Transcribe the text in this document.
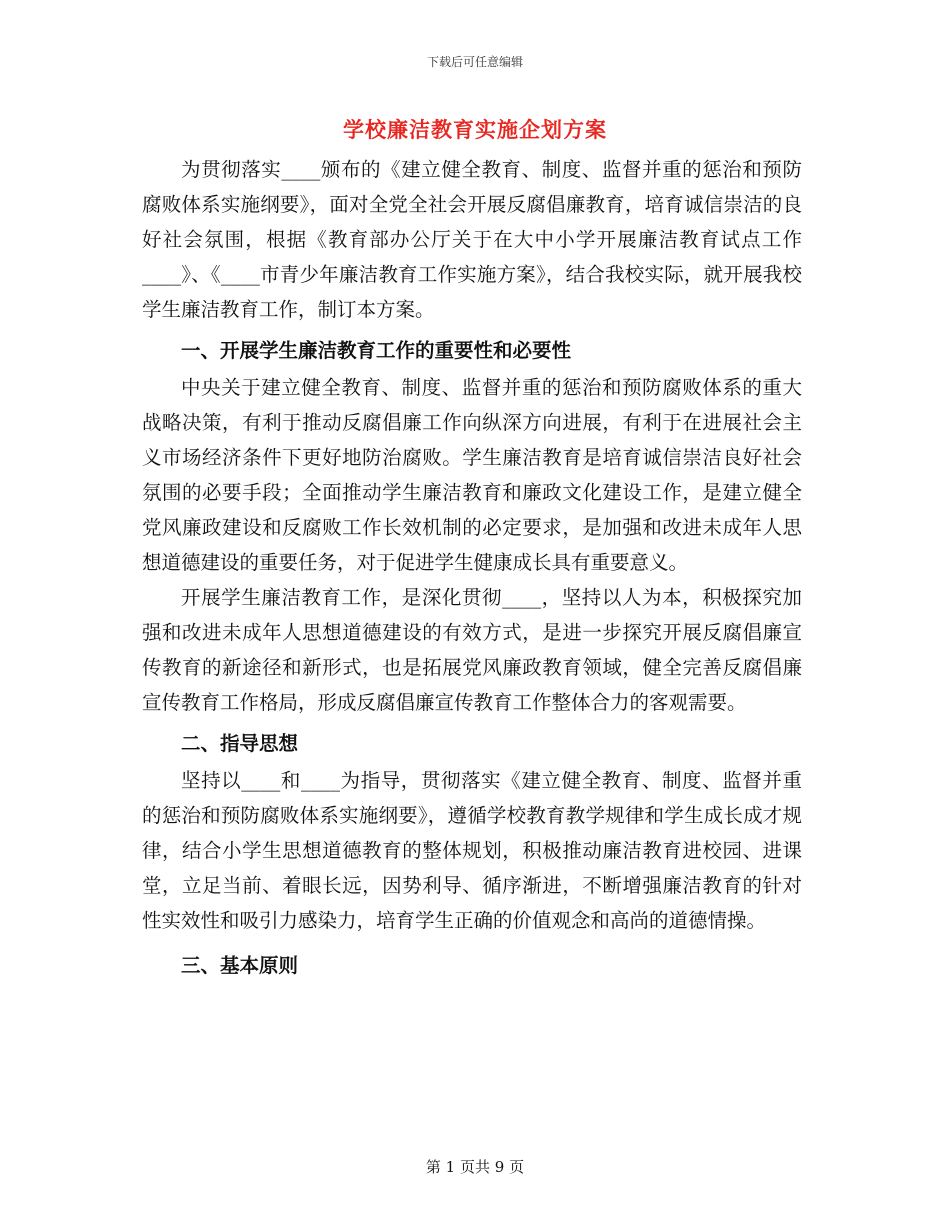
下载后可任意编辑
学校廉洁教育实施企划方案

为贯彻落实____颁布的《建立健全教育、制度、监督并重的惩治和预防腐败体系实施纲要》，面对全党全社会开展反腐倡廉教育，培育诚信崇洁的良好社会氛围，根据《教育部办公厅关于在大中小学开展廉洁教育试点工作____》、《____市青少年廉洁教育工作实施方案》，结合我校实际，就开展我校学生廉洁教育工作，制订本方案。

一、开展学生廉洁教育工作的重要性和必要性

中央关于建立健全教育、制度、监督并重的惩治和预防腐败体系的重大战略决策，有利于推动反腐倡廉工作向纵深方向进展，有利于在进展社会主义市场经济条件下更好地防治腐败。学生廉洁教育是培育诚信崇洁良好社会氛围的必要手段；全面推动学生廉洁教育和廉政文化建设工作，是建立健全党风廉政建设和反腐败工作长效机制的必定要求，是加强和改进未成年人思想道德建设的重要任务，对于促进学生健康成长具有重要意义。

开展学生廉洁教育工作，是深化贯彻____，坚持以人为本，积极探究加强和改进未成年人思想道德建设的有效方式，是进一步探究开展反腐倡廉宣传教育的新途径和新形式，也是拓展党风廉政教育领域，健全完善反腐倡廉宣传教育工作格局，形成反腐倡廉宣传教育工作整体合力的客观需要。

二、指导思想

坚持以____和____为指导，贯彻落实《建立健全教育、制度、监督并重的惩治和预防腐败体系实施纲要》，遵循学校教育教学规律和学生成长成才规律，结合小学生思想道德教育的整体规划，积极推动廉洁教育进校园、进课堂，立足当前、着眼长远，因势利导、循序渐进，不断增强廉洁教育的针对性实效性和吸引力感染力，培育学生正确的价值观念和高尚的道德情操。

三、基本原则
第 1 页共 9 页
